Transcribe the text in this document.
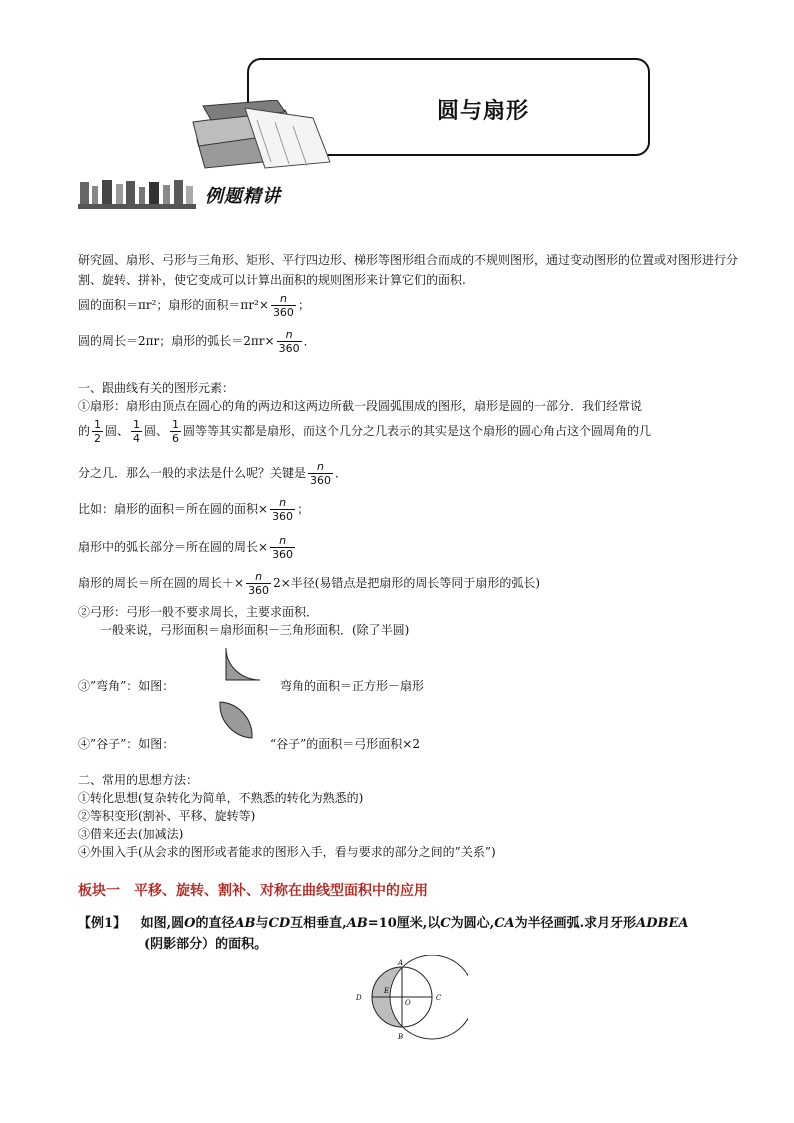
圆与扇形
例题精讲
研究圆、扇形、弓形与三角形、矩形、平行四边形、梯形等图形组合而成的不规则图形，通过变动图形的位置或对图形进行分割、旋转、拼补，使它变成可以计算出面积的规则图形来计算它们的面积.
圆的面积＝πr²；扇形的面积$=\pi r^2\times \frac{n}{360}$ ；
圆的周长＝2πr；扇形的弧长$=2\pi r\times \frac{n}{360}$ ．
一、跟曲线有关的图形元素：
①扇形：扇形由顶点在圆心的角的两边和这两边所截一段圆弧围成的图形，扇形是圆的一部分．我们经常说
的 $\frac{1}{2}$ 圆、 $\frac{1}{4}$ 圆、 $\frac{1}{6}$ 圆等等其实都是扇形，而这个几分之几表示的其实是这个扇形的圆心角占这个圆周角的几
分之几．那么一般的求法是什么呢？关键是 $\frac{n}{360}$ ．
比如：扇形的面积＝所在圆的面积× $\frac{n}{360}$ ；
扇形中的弧长部分＝所在圆的周长× $\frac{n}{360}$
扇形的周长＝所在圆的周长＋× $\frac{n}{360} 2\times$半径(易错点是把扇形的周长等同于扇形的弧长)
②弓形：弓形一般不要求周长，主要求面积．
一般来说，弓形面积＝扇形面积－三角形面积．(除了半圆)
③”弯角”：如图：	弯角的面积＝正方形－扇形
④”谷子”：如图：	“谷子”的面积＝弓形面积×2
二、常用的思想方法：
①转化思想(复杂转化为简单，不熟悉的转化为熟悉的)
②等积变形(割补、平移、旋转等)
③借来还去(加减法)
④外围入手(从会求的图形或者能求的图形入手，看与要求的部分之间的”关系”)
板块一　平移、旋转、割补、对称在曲线型面积中的应用
【例1】 如图,圆O的直径AB与CD互相垂直,AB=10厘米,以C为圆心,CA为半径画弧.求月牙形ADBEA
(阴影部分）的面积。
A
B
C
D
E
O
